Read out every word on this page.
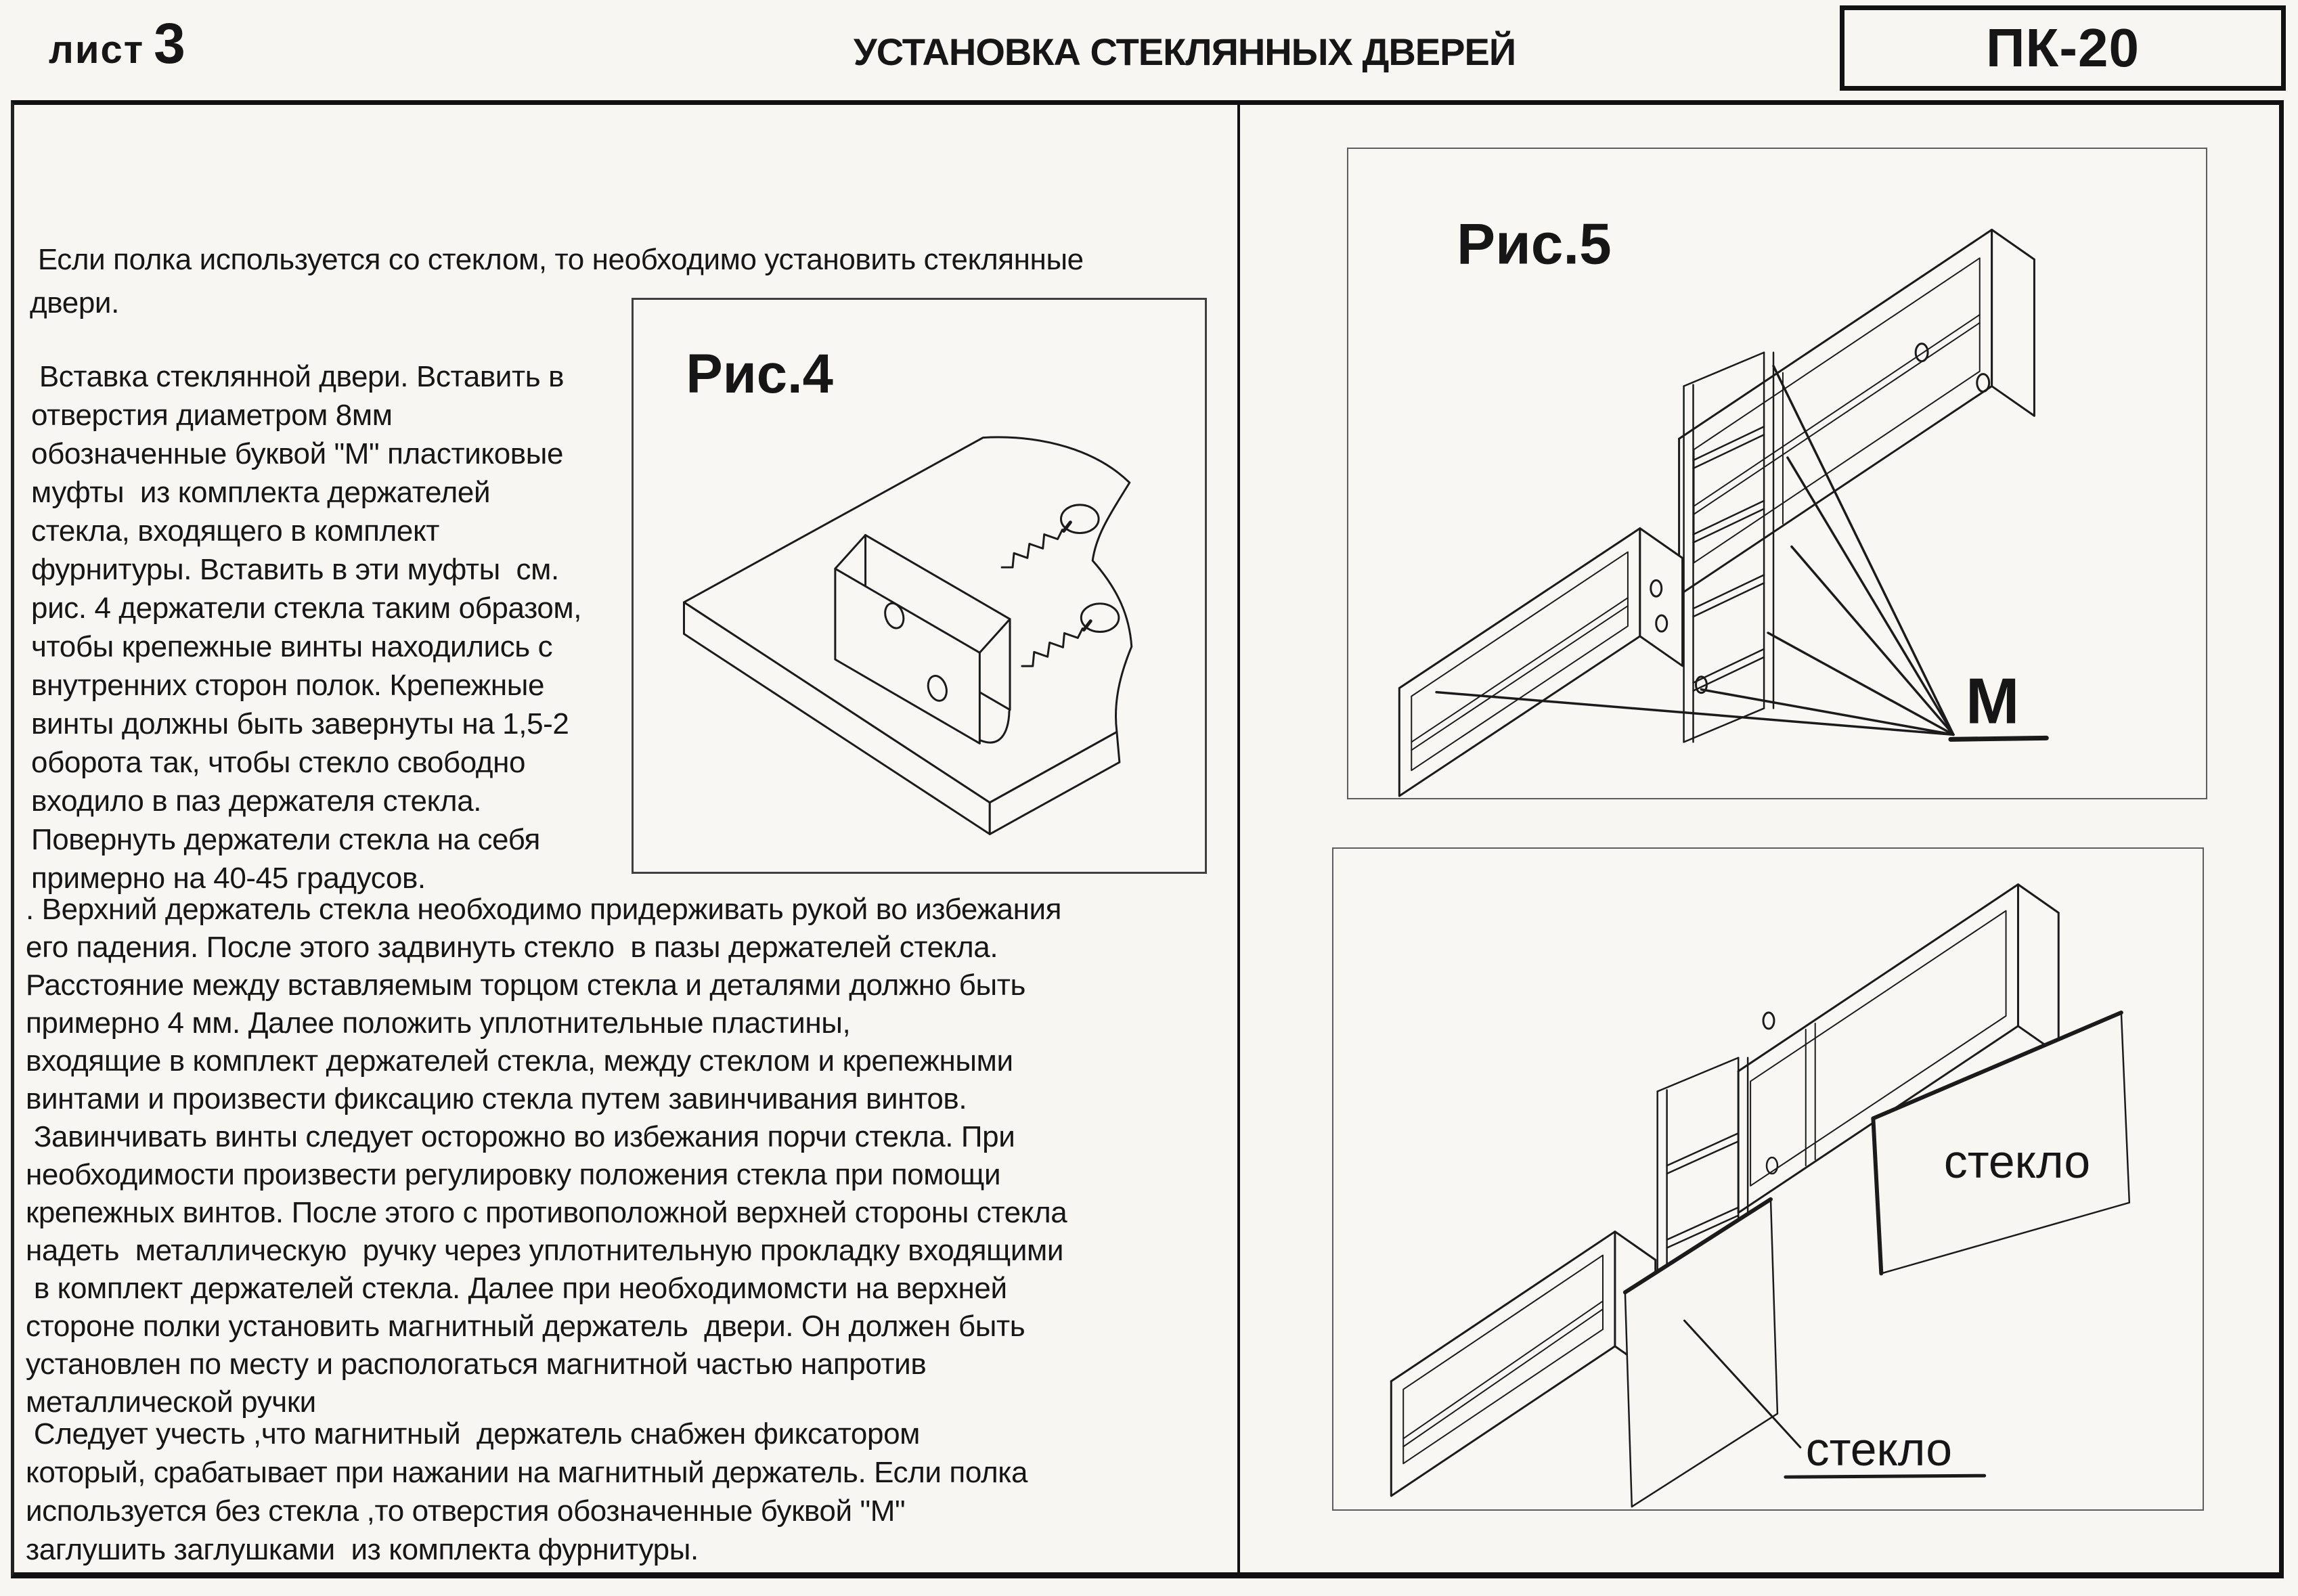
лист 3	УСТАНОВКА СТЕКЛЯННЫХ ДВЕРЕЙ	ПК-20
Если полка используется со стеклом, то необходимо установить стеклянные
двери.
Вставка стеклянной двери. Вставить в
отверстия диаметром 8мм
обозначенные буквой "М" пластиковые
муфты  из комплекта держателей
стекла, входящего в комплект
фурнитуры. Вставить в эти муфты  см.
рис. 4 держатели стекла таким образом,
чтобы крепежные винты находились с
внутренних сторон полок. Крепежные
винты должны быть завернуты на 1,5-2
оборота так, чтобы стекло свободно
входило в паз держателя стекла.
Повернуть держатели стекла на себя
примерно на 40-45 градусов.
. Верхний держатель стекла необходимо придерживать рукой во избежания
его падения. После этого задвинуть стекло  в пазы держателей стекла.
Расстояние между вставляемым торцом стекла и деталями должно быть
примерно 4 мм. Далее положить уплотнительные пластины,
входящие в комплект держателей стекла, между стеклом и крепежными
винтами и произвести фиксацию стекла путем завинчивания винтов.
Завинчивать винты следует осторожно во избежания порчи стекла. При
необходимости произвести регулировку положения стекла при помощи
крепежных винтов. После этого с противоположной верхней стороны стекла
надеть  металлическую  ручку через уплотнительную прокладку входящими
в комплект держателей стекла. Далее при необходимомсти на верхней
стороне полки установить магнитный держатель  двери. Он должен быть
установлен по месту и распологаться магнитной частью напротив
металлической ручки
Следует учесть ,что магнитный  держатель снабжен фиксатором
который, срабатывает при нажании на магнитный держатель. Если полка
используется без стекла ,то отверстия обозначенные буквой "М"
заглушить заглушками  из комплекта фурнитуры.
Рис.4
Рис.5
М
стекло
стекло
